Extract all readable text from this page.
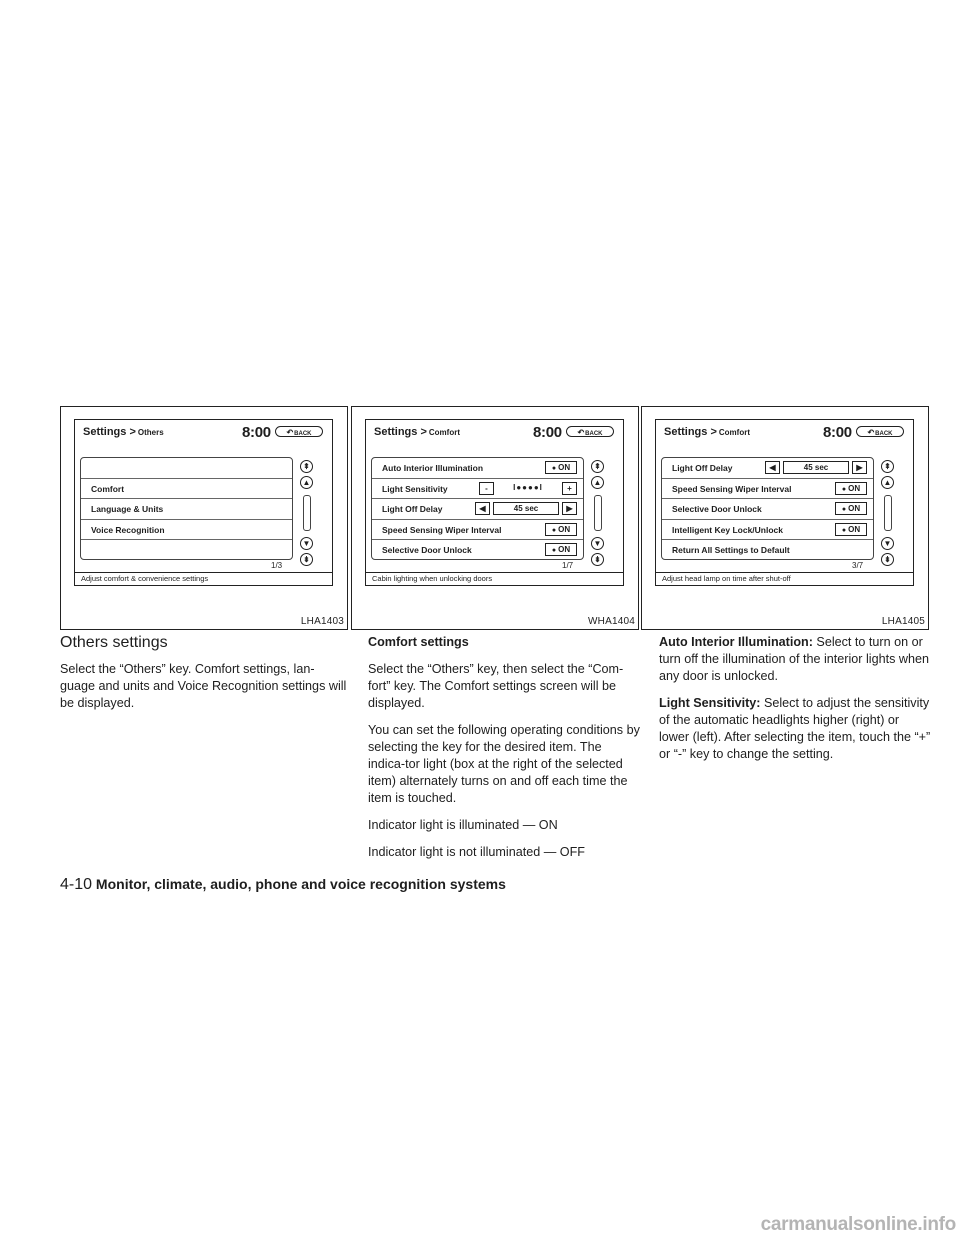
Settings > Others	8:00	↶ BACK
Comfort
Language & Units
Voice Recognition
⇞
▲
▼
⇟
1/3
Adjust comfort & convenience settings
LHA1403
Settings > Comfort	8:00	↶ BACK
Auto Interior Illumination	● ON
Light Sensitivity	-	I●●●●I	+
Light Off Delay	◀	45 sec	▶
Speed Sensing Wiper Interval	● ON
Selective Door Unlock	● ON
⇞
▲
▼
⇟
1/7
Cabin lighting when unlocking doors
WHA1404
Settings > Comfort	8:00	↶ BACK
Light Off Delay	◀	45 sec	▶
Speed Sensing Wiper Interval	● ON
Selective Door Unlock	● ON
Intelligent Key Lock/Unlock	● ON
Return All Settings to Default
⇞
▲
▼
⇟
3/7
Adjust head lamp on time after shut-off
LHA1405
Others settings

Select the “Others” key. Comfort settings, lan-guage and units and Voice Recognition settings will be displayed.

Comfort settings

Select the “Others” key, then select the “Com-fort” key. The Comfort settings screen will be displayed.

You can set the following operating conditions by selecting the key for the desired item. The indica-tor light (box at the right of the selected item) alternately turns on and off each time the item is touched.

Indicator light is illuminated — ON

Indicator light is not illuminated — OFF

Auto Interior Illumination: Select to turn on or turn off the illumination of the interior lights when any door is unlocked.

Light Sensitivity: Select to adjust the sensitivity of the automatic headlights higher (right) or lower (left). After selecting the item, touch the “+” or “-” key to change the setting.

4-10 Monitor, climate, audio, phone and voice recognition systems
carmanualsonline.info
